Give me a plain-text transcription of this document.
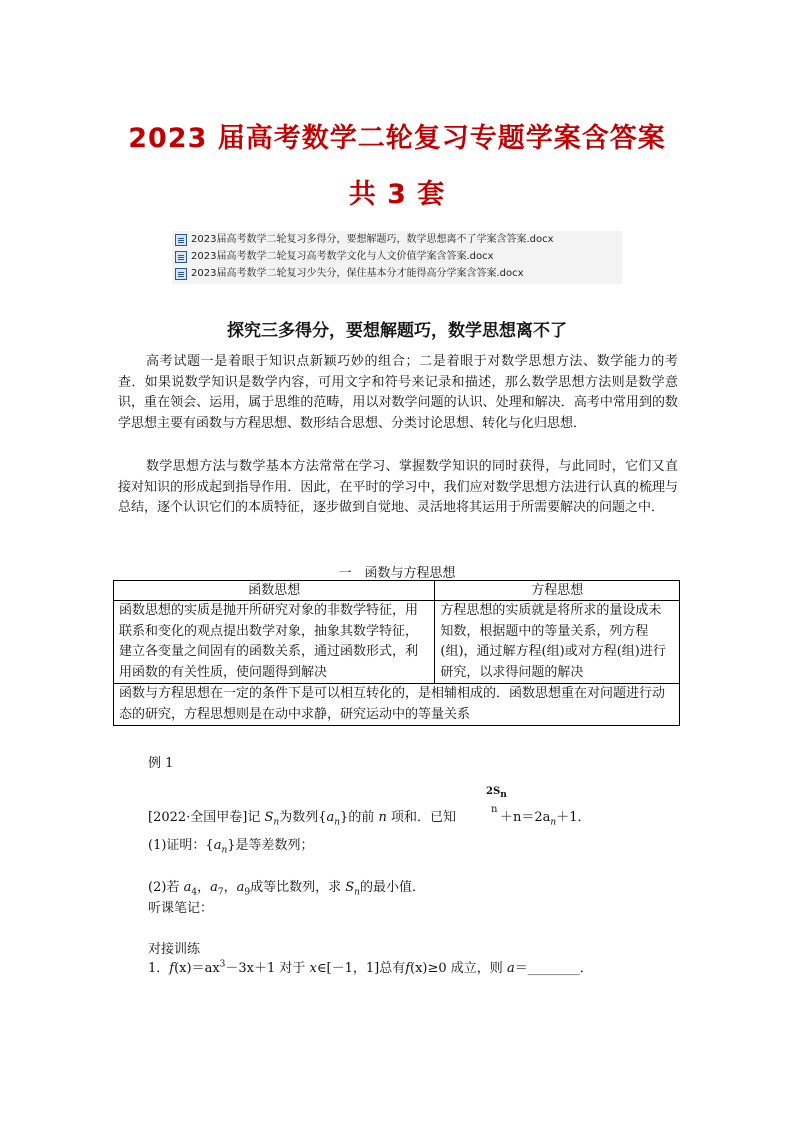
2023 届高考数学二轮复习专题学案含答案
共 3 套
2023届高考数学二轮复习多得分，要想解题巧，数学思想离不了学案含答案.docx
2023届高考数学二轮复习高考数学文化与人文价值学案含答案.docx
2023届高考数学二轮复习少失分，保住基本分才能得高分学案含答案.docx
探究三多得分，要想解题巧，数学思想离不了

高考试题一是着眼于知识点新颖巧妙的组合；二是着眼于对数学思想方法、数学能力的考查．如果说数学知识是数学内容，可用文字和符号来记录和描述，那么数学思想方法则是数学意识，重在领会、运用，属于思维的范畴，用以对数学问题的认识、处理和解决．高考中常用到的数学思想主要有函数与方程思想、数形结合思想、分类讨论思想、转化与化归思想．

数学思想方法与数学基本方法常常在学习、掌握数学知识的同时获得，与此同时，它们又直接对知识的形成起到指导作用．因此，在平时的学习中，我们应对数学思想方法进行认真的梳理与总结，逐个认识它们的本质特征，逐步做到自觉地、灵活地将其运用于所需要解决的问题之中．

一　函数与方程思想
函数思想	方程思想
函数思想的实质是抛开所研究对象的非数学特征，用联系和变化的观点提出数学对象，抽象其数学特征，建立各变量之间固有的函数关系，通过函数形式，利用函数的有关性质，使问题得到解决	方程思想的实质就是将所求的量设成未知数，根据题中的等量关系，列方程(组)，通过解方程(组)或对方程(组)进行研究，以求得问题的解决
函数与方程思想在一定的条件下是可以相互转化的，是相辅相成的．函数思想重在对问题进行动态的研究，方程思想则是在动中求静，研究运动中的等量关系	
例 1
$2S_n$
n
[2022·全国甲卷]记 $S_n$为数列$\{a_n\}$的前 n 项和．已知	$+n=2a_n+1$．
(1)证明：$\{a_n\}$是等差数列；
(2)若 $a_4$，$a_7$，$a_9$成等比数列，求 $S_n$的最小值．
听课笔记：
对接训练
1．$f(x)=ax^3-3x+1$ 对于 x∈[－1，1]总有f(x)≥0 成立，则 a＝________．
